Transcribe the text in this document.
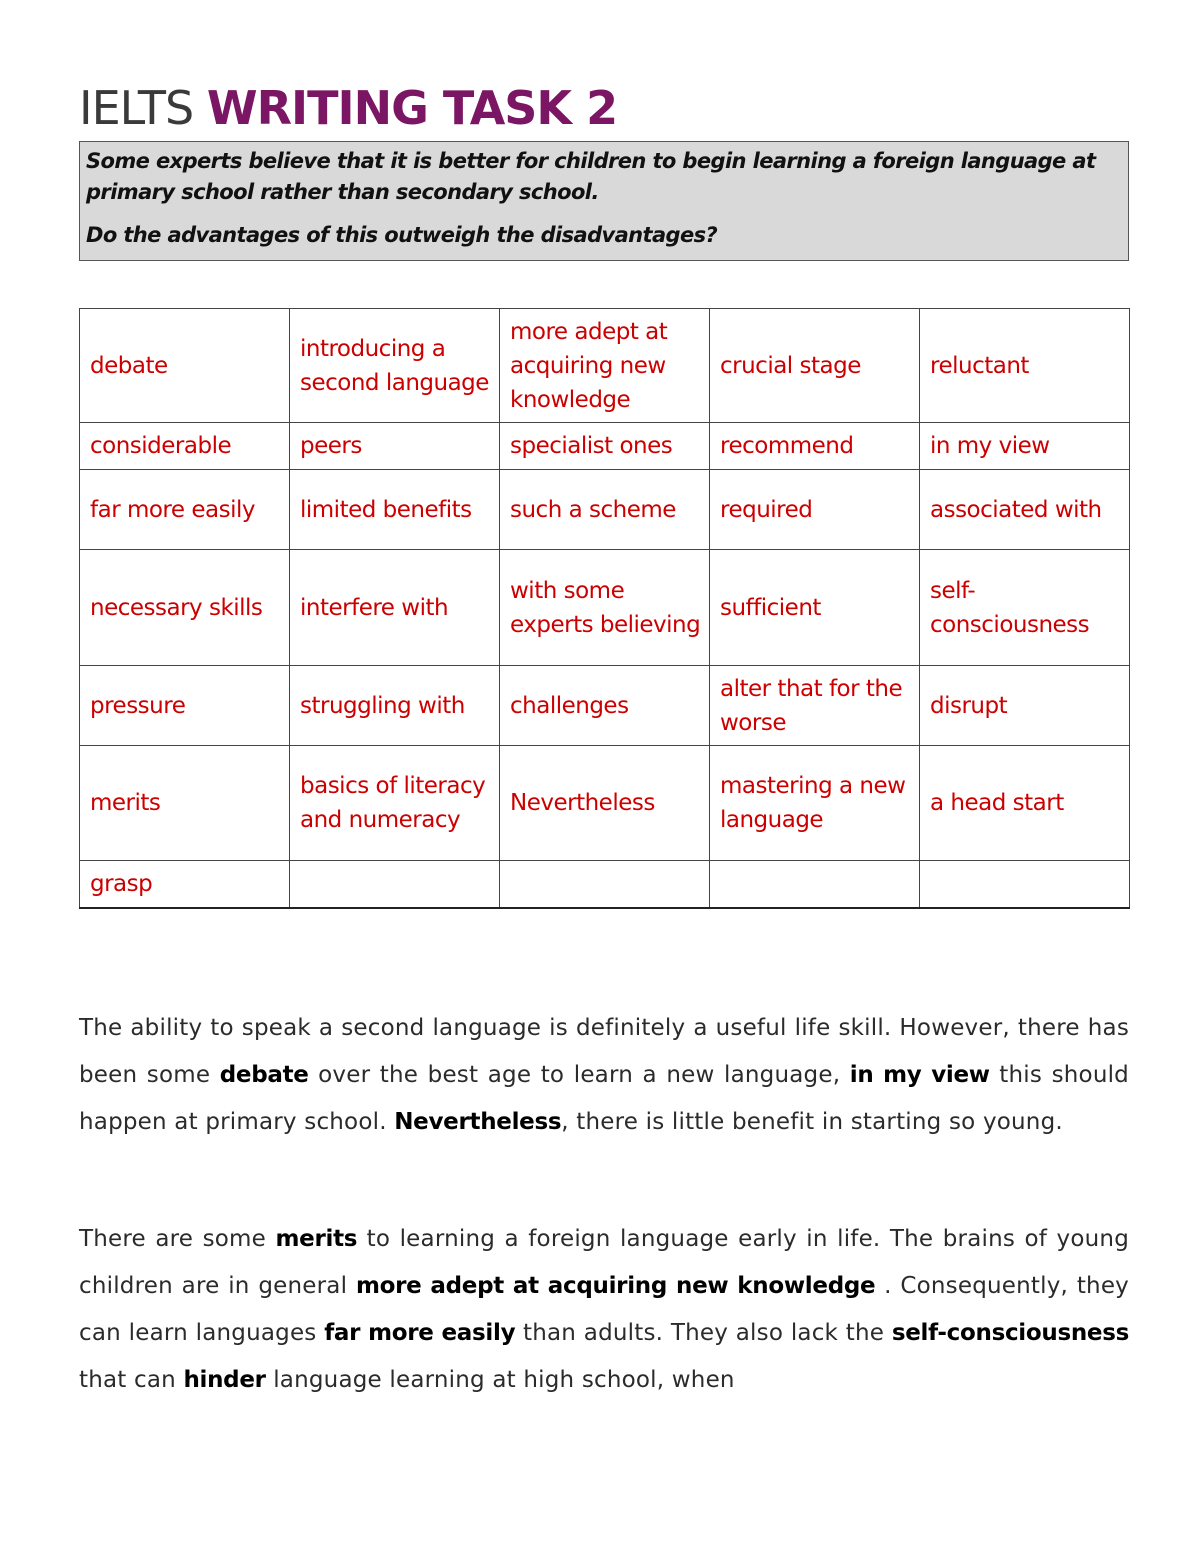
IELTS WRITING TASK 2

Some experts believe that it is better for children to begin learning a foreign language at primary school rather than secondary school.

Do the advantages of this outweigh the disadvantages?

debate	introducing a second language	more adept at acquiring new knowledge	crucial stage	reluctant
considerable	peers	specialist ones	recommend	in my view
far more easily	limited benefits	such a scheme	required	associated with
necessary skills	interfere with	with some experts believing	sufficient	self-consciousness
pressure	struggling with	challenges	alter that for the worse	disrupt
merits	basics of literacy and numeracy	Nevertheless	mastering a new language	a head start
grasp				

The ability to speak a second language is definitely a useful life skill. However, there has been some debate over the best age to learn a new language, in my view this should happen at primary school. Nevertheless, there is little benefit in starting so young.

There are some merits to learning a foreign language early in life. The brains of young children are in general more adept at acquiring new knowledge . Consequently, they can learn languages far more easily than adults. They also lack the self-consciousness that can hinder language learning at high school, when
